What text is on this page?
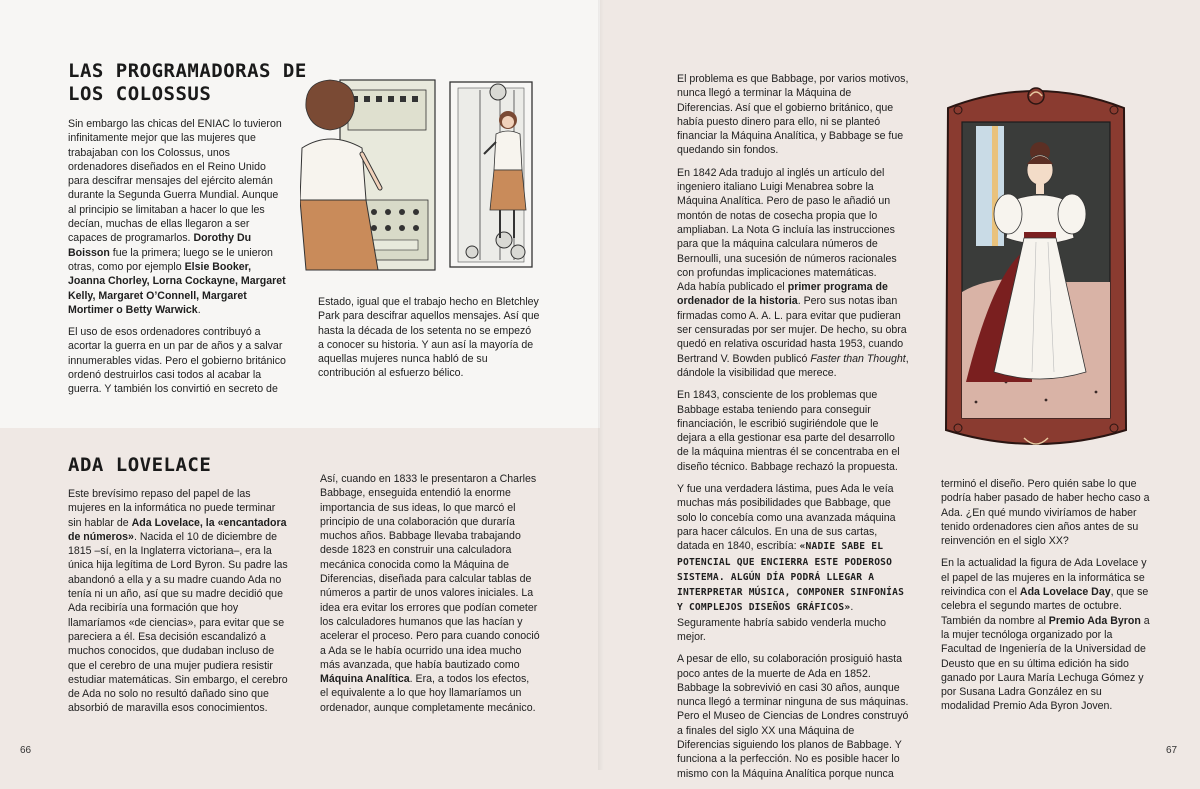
LAS PROGRAMADORAS DE
LOS COLOSSUS

Sin embargo las chicas del ENIAC lo tuvieron infinitamente mejor que las mujeres que trabajaban con los Colossus, unos ordenadores diseñados en el Reino Unido para descifrar mensajes del ejército alemán durante la Segunda Guerra Mundial. Aunque al principio se limitaban a hacer lo que les decían, muchas de ellas llegaron a ser capaces de programarlos. Dorothy Du Boisson fue la primera; luego se le unieron otras, como por ejemplo Elsie Booker, Joanna Chorley, Lorna Cockayne, Margaret Kelly, Margaret O’Connell, Margaret Mortimer o Betty Warwick.

El uso de esos ordenadores contribuyó a acortar la guerra en un par de años y a salvar innumerables vidas. Pero el gobierno británico ordenó destruirlos casi todos al acabar la guerra. Y también los convirtió en secreto de

Estado, igual que el trabajo hecho en Bletchley Park para descifrar aquellos mensajes. Así que hasta la década de los setenta no se empezó a conocer su historia. Y aun así la mayoría de aquellas mujeres nunca habló de su contribución al esfuerzo bélico.

ADA LOVELACE

Este brevísimo repaso del papel de las mujeres en la informática no puede terminar sin hablar de Ada Lovelace, la «encantadora de números». Nacida el 10 de diciembre de 1815 –sí, en la Inglaterra victoriana–, era la única hija legítima de Lord Byron. Su padre las abandonó a ella y a su madre cuando Ada no tenía ni un año, así que su madre decidió que Ada recibiría una formación que hoy llamaríamos «de ciencias», para evitar que se pareciera a él. Esa decisión escandalizó a muchos conocidos, que dudaban incluso de que el cerebro de una mujer pudiera resistir estudiar matemáticas. Sin embargo, el cerebro de Ada no solo no resultó dañado sino que absorbió de maravilla esos conocimientos.

Así, cuando en 1833 le presentaron a Charles Babbage, enseguida entendió la enorme importancia de sus ideas, lo que marcó el principio de una colaboración que duraría muchos años. Babbage llevaba trabajando desde 1823 en construir una calculadora mecánica conocida como la Máquina de Diferencias, diseñada para calcular tablas de números a partir de unos valores iniciales. La idea era evitar los errores que podían cometer los calculadores humanos que las hacían y acelerar el proceso. Pero para cuando conoció a Ada se le había ocurrido una idea mucho más avanzada, que había bautizado como Máquina Analítica. Era, a todos los efectos, el equivalente a lo que hoy llamaríamos un ordenador, aunque completamente mecánico.

66

El problema es que Babbage, por varios motivos, nunca llegó a terminar la Máquina de Diferencias. Así que el gobierno británico, que había puesto dinero para ello, ni se planteó financiar la Máquina Analítica, y Babbage se fue quedando sin fondos.

En 1842 Ada tradujo al inglés un artículo del ingeniero italiano Luigi Menabrea sobre la Máquina Analítica. Pero de paso le añadió un montón de notas de cosecha propia que lo ampliaban. La Nota G incluía las instrucciones para que la máquina calculara números de Bernoulli, una sucesión de números racionales con profundas implicaciones matemáticas.

Ada había publicado el primer programa de ordenador de la historia. Pero sus notas iban firmadas como A. A. L. para evitar que pudieran ser censuradas por ser mujer. De hecho, su obra quedó en relativa oscuridad hasta 1953, cuando Bertrand V. Bowden publicó Faster than Thought, dándole la visibilidad que merece.

En 1843, consciente de los problemas que Babbage estaba teniendo para conseguir financiación, le escribió sugiriéndole que le dejara a ella gestionar esa parte del desarrollo de la máquina mientras él se concentraba en el diseño técnico. Babbage rechazó la propuesta.

Y fue una verdadera lástima, pues Ada le veía muchas más posibilidades que Babbage, que solo lo concebía como una avanzada máquina para hacer cálculos. En una de sus cartas, datada en 1840, escribía: «NADIE SABE EL POTENCIAL QUE ENCIERRA ESTE PODEROSO SISTEMA. ALGÚN DÍA PODRÁ LLEGAR A INTERPRETAR MÚSICA, COMPONER SINFONÍAS Y COMPLEJOS DISEÑOS GRÁFICOS». Seguramente habría sabido venderla mucho mejor.

A pesar de ello, su colaboración prosiguió hasta poco antes de la muerte de Ada en 1852. Babbage la sobrevivió en casi 30 años, aunque nunca llegó a terminar ninguna de sus máquinas. Pero el Museo de Ciencias de Londres construyó a finales del siglo XX una Máquina de Diferencias siguiendo los planos de Babbage. Y funciona a la perfección. No es posible hacer lo mismo con la Máquina Analítica porque nunca

terminó el diseño. Pero quién sabe lo que podría haber pasado de haber hecho caso a Ada. ¿En qué mundo viviríamos de haber tenido ordenadores cien años antes de su reinvención en el siglo XX?

En la actualidad la figura de Ada Lovelace y el papel de las mujeres en la informática se reivindica con el Ada Lovelace Day, que se celebra el segundo martes de octubre. También da nombre al Premio Ada Byron a la mujer tecnóloga organizado por la Facultad de Ingeniería de la Universidad de Deusto que en su última edición ha sido ganado por Laura María Lechuga Gómez y por Susana Ladra González en su modalidad Premio Ada Byron Joven.

67
